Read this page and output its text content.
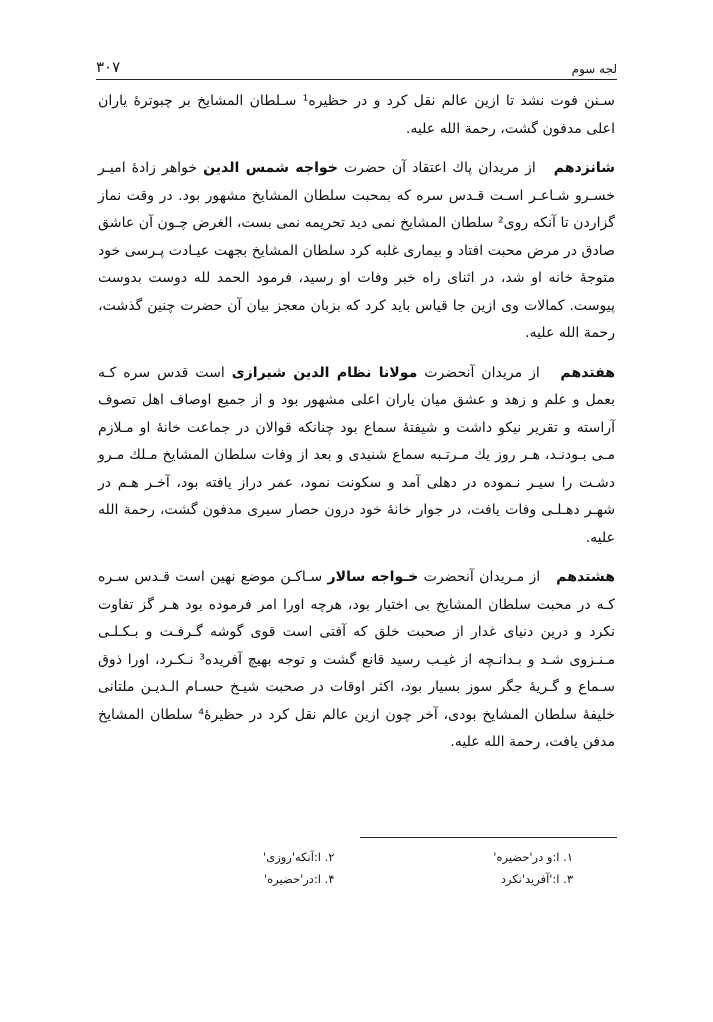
لجه سوم
۳۰۷

سـنن فوت نشد تا ازین عالم نقل کرد و در حظیره¹ سـلطان المشایخ بر چبوترهٔ یاران اعلی مدفون گشت، رحمة الله علیه.

شانزدهم   از مریدان پاك اعتقاد آن حضرت خواجه شمس الدین خواهر زادهٔ امیـر خسـرو شـاعـر اسـت قـدس سره که بمحبت سلطان المشایخ مشهور بود. در وقت نماز گزاردن تا آنکه روی² سلطان المشایخ نمی دید تحریمه نمی بست، الغرض چـون آن عاشق صادق در مرض محبت افتاد و بیماری غلبه کرد سلطان المشایخ بجهت عیـادت پـرسی خود متوجهٔ خانه او شد، در اثنای راه خبر وفات او رسید، فرمود الحمد لله دوست بدوست پیوست. کمالات وی ازین جا قیاس باید کرد که بزبان معجز بیان آن حضرت چنین گذشت، رحمة الله علیه.

هفتدهم   از مریدان آنحضرت مولانا نظام الدین شیرازی است قدس سره کـه بعمل و علم و زهد و عشق میان یاران اعلی مشهور بود و از جمیع اوصاف اهل تصوف آراسته و تقریر نیکو داشت و شیفتهٔ سماع بود چنانکه قوالان در جماعت خانهٔ او مـلازم مـی بـودنـد، هـر روز یك مـرتـبه سماع شنیدی و بعد از وفات سلطان المشایخ مـلك مـرو دشـت را سیـر نـموده در دهلی آمد و سکونت نمود، عمر دراز یافته بود، آخـر هـم در شهـر دهـلـی وفات یافت، در جوار خانهٔ خود درون حصار سیری مدفون گشت، رحمة الله علیه.

هشتدهم   از مـریدان آنحضرت خـواجه سالار سـاکـن موضع نهین است قـدس سـره کـه در محبت سلطان المشایخ بی اختیار بود، هرچه اورا امر فرموده بود هـر گز تفاوت نکرد و درین دنیای غدار از صحبت خلق که آفتی است قوی گوشه گـرفـت و بـکـلـی مـنـزوی شـد و بـدانـچه از غیـب رسید قانع گشت و توجه بهیچ آفریده³ نـکـرد، اورا ذوق سـماع و گـریهٔ جگر سوز بسیار بود، اکثر اوقات در صحبت شیـخ حسـام الـدیـن ملتانی خلیفهٔ سلطان المشایخ بودی، آخر چون ازین عالم نقل کرد در حظیرهٔ⁴ سلطان المشایخ مدفن یافت، رحمة الله علیه.

۱. ا:و در'حضیره'
۲. ا:آنکه'روزی'
۳. ا:'آفرید'نکرد
۴. ا:در'حضیره'
